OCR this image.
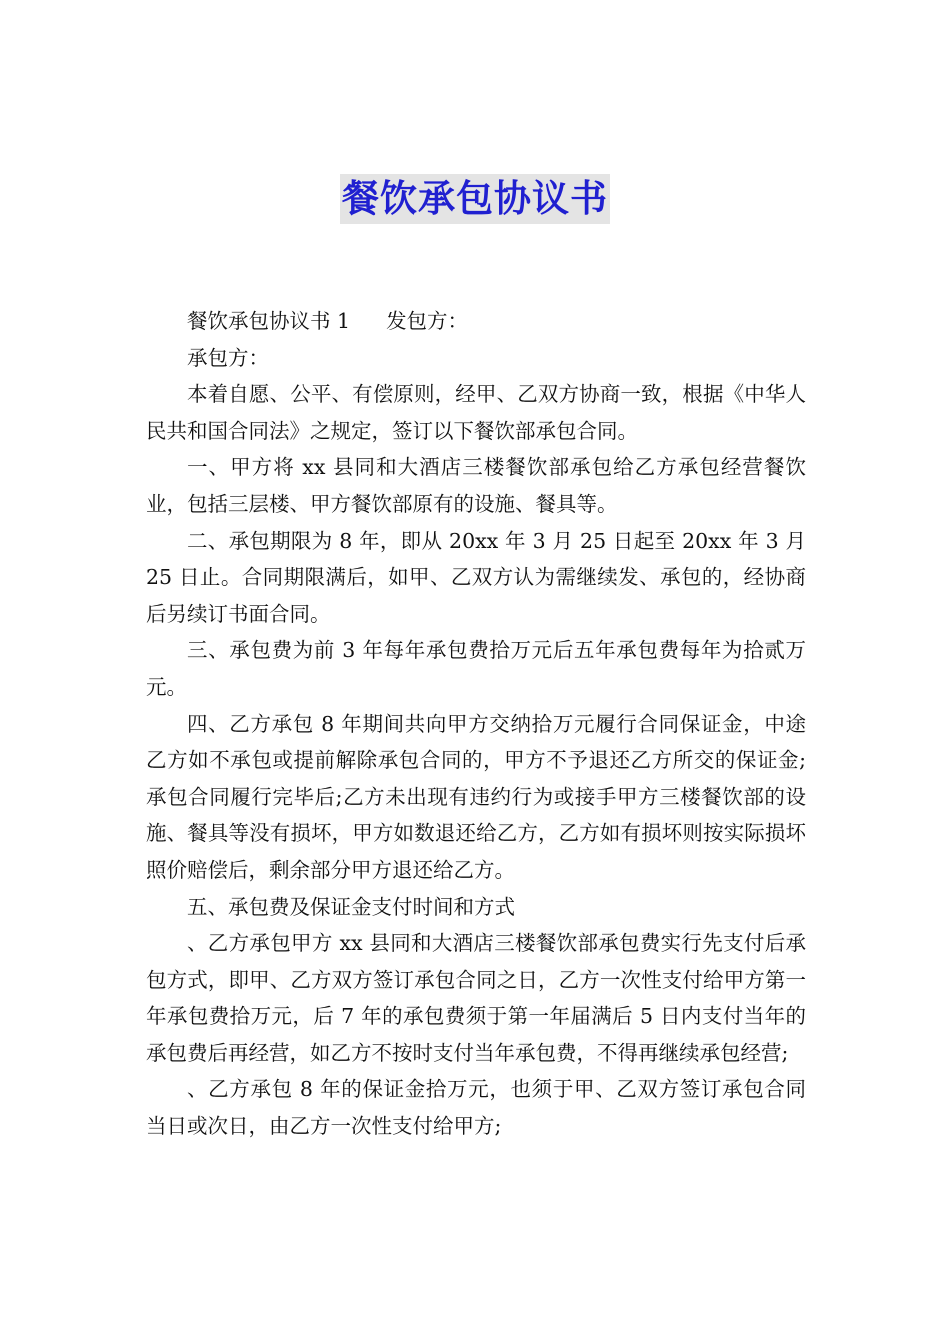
餐饮承包协议书

餐饮承包协议书 1 发包方：

承包方：

本着自愿、公平、有偿原则，经甲、乙双方协商一致，根据《中华人民共和国合同法》之规定，签订以下餐饮部承包合同。

一、甲方将 xx 县同和大酒店三楼餐饮部承包给乙方承包经营餐饮业，包括三层楼、甲方餐饮部原有的设施、餐具等。

二、承包期限为 8 年，即从 20xx 年 3 月 25 日起至 20xx 年 3 月 25 日止。合同期限满后，如甲、乙双方认为需继续发、承包的，经协商后另续订书面合同。

三、承包费为前 3 年每年承包费拾万元后五年承包费每年为拾贰万元。

四、乙方承包 8 年期间共向甲方交纳拾万元履行合同保证金，中途乙方如不承包或提前解除承包合同的，甲方不予退还乙方所交的保证金;承包合同履行完毕后;乙方未出现有违约行为或接手甲方三楼餐饮部的设施、餐具等没有损坏，甲方如数退还给乙方，乙方如有损坏则按实际损坏照价赔偿后，剩余部分甲方退还给乙方。

五、承包费及保证金支付时间和方式

、乙方承包甲方 xx 县同和大酒店三楼餐饮部承包费实行先支付后承包方式，即甲、乙方双方签订承包合同之日，乙方一次性支付给甲方第一年承包费拾万元，后 7 年的承包费须于第一年届满后 5 日内支付当年的承包费后再经营，如乙方不按时支付当年承包费，不得再继续承包经营;

、乙方承包 8 年的保证金拾万元，也须于甲、乙双方签订承包合同当日或次日，由乙方一次性支付给甲方;
